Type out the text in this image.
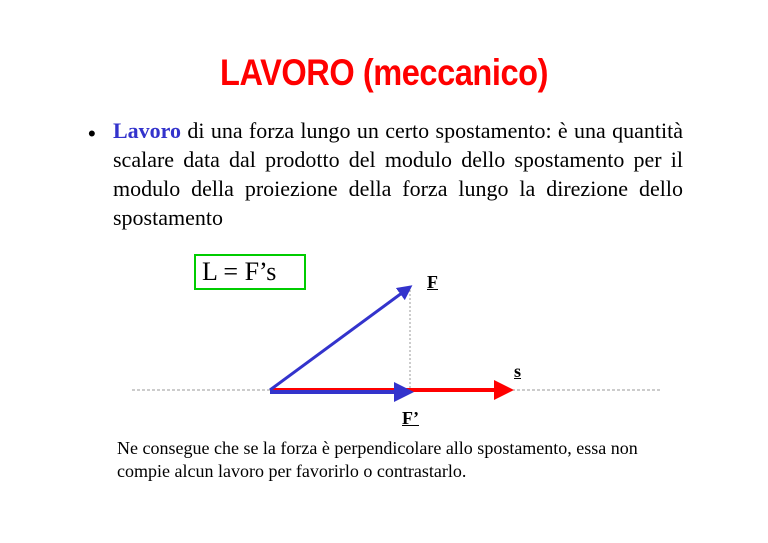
LAVORO (meccanico)
• Lavoro di una forza lungo un certo spostamento: è una quantità scalare data dal prodotto del modulo dello spostamento per il modulo della proiezione della forza lungo la direzione dello spostamento
L = F’s	F
s
F’
Ne consegue che se la forza è perpendicolare allo spostamento, essa non compie alcun lavoro per favorirlo o contrastarlo.
